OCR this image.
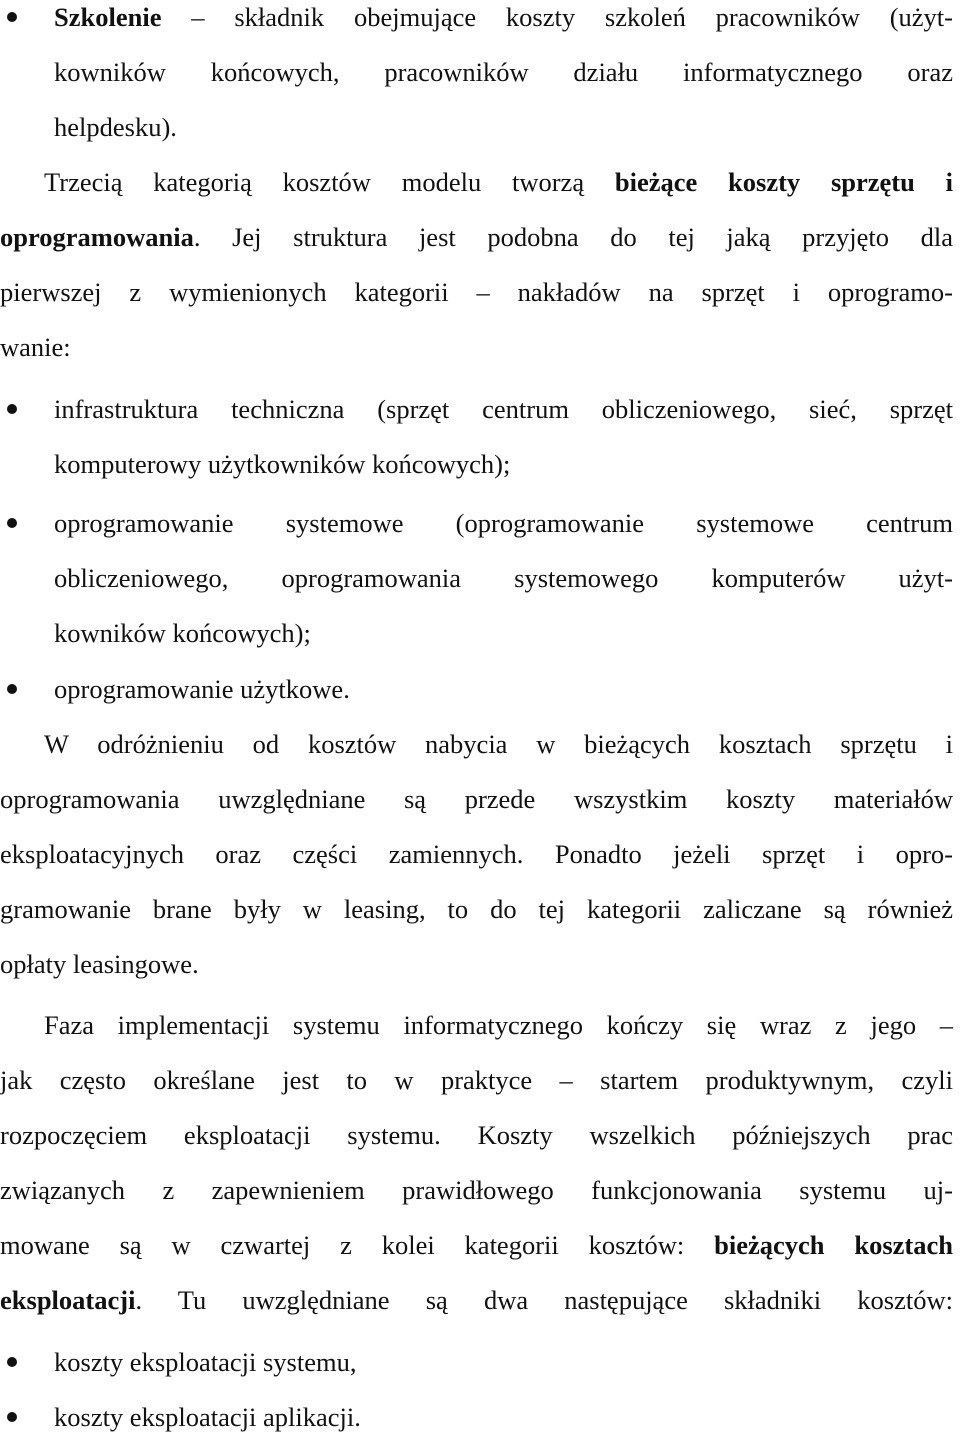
Szkolenie – składnik obejmujące koszty szkoleń pracowników (użyt-
kowników końcowych, pracowników działu informatycznego oraz
helpdesku).
Trzecią kategorią kosztów modelu tworzą bieżące koszty sprzętu i
oprogramowania. Jej struktura jest podobna do tej jaką przyjęto dla
pierwszej z wymienionych kategorii – nakładów na sprzęt i oprogramo-
wanie:
infrastruktura techniczna (sprzęt centrum obliczeniowego, sieć, sprzęt
komputerowy użytkowników końcowych);
oprogramowanie systemowe (oprogramowanie systemowe centrum
obliczeniowego, oprogramowania systemowego komputerów użyt-
kowników końcowych);
oprogramowanie użytkowe.
W odróżnieniu od kosztów nabycia w bieżących kosztach sprzętu i
oprogramowania uwzględniane są przede wszystkim koszty materiałów
eksploatacyjnych oraz części zamiennych. Ponadto jeżeli sprzęt i opro-
gramowanie brane były w leasing, to do tej kategorii zaliczane są również
opłaty leasingowe.
Faza implementacji systemu informatycznego kończy się wraz z jego –
jak często określane jest to w praktyce – startem produktywnym, czyli
rozpoczęciem eksploatacji systemu. Koszty wszelkich późniejszych prac
związanych z zapewnieniem prawidłowego funkcjonowania systemu uj-
mowane są w czwartej z kolei kategorii kosztów: bieżących kosztach
eksploatacji. Tu uwzględniane są dwa następujące składniki kosztów:
koszty eksploatacji systemu,
koszty eksploatacji aplikacji.
